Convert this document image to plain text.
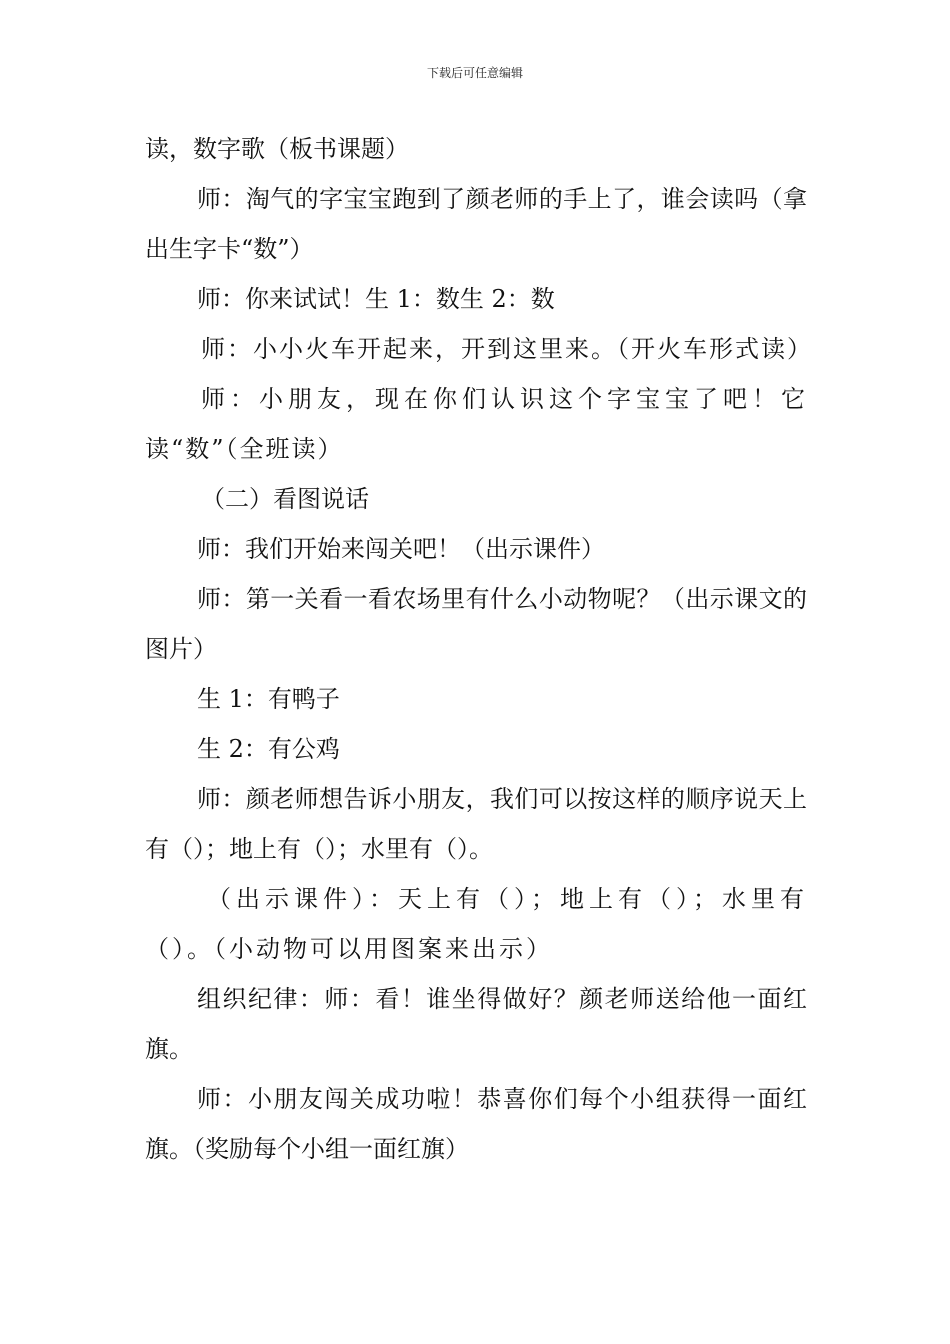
下载后可任意编辑

读，数字歌（板书课题）

师：淘气的字宝宝跑到了颜老师的手上了，谁会读吗（拿出生字卡“数”）

师：你来试试！生 1：数生 2：数

师：小小火车开起来，开到这里来。（开火车形式读）

师：小朋友，现在你们认识这个字宝宝了吧！它读“数”（全班读）

（二）看图说话

师：我们开始来闯关吧！（出示课件）

师：第一关看一看农场里有什么小动物呢？（出示课文的图片）

生 1：有鸭子

生 2：有公鸡

师：颜老师想告诉小朋友，我们可以按这样的顺序说天上有（）；地上有（）；水里有（）。

（出示课件）：天上有（）；地上有（）；水里有（）。（小动物可以用图案来出示）

组织纪律：师：看！谁坐得做好？颜老师送给他一面红旗。

师：小朋友闯关成功啦！恭喜你们每个小组获得一面红旗。（奖励每个小组一面红旗）
